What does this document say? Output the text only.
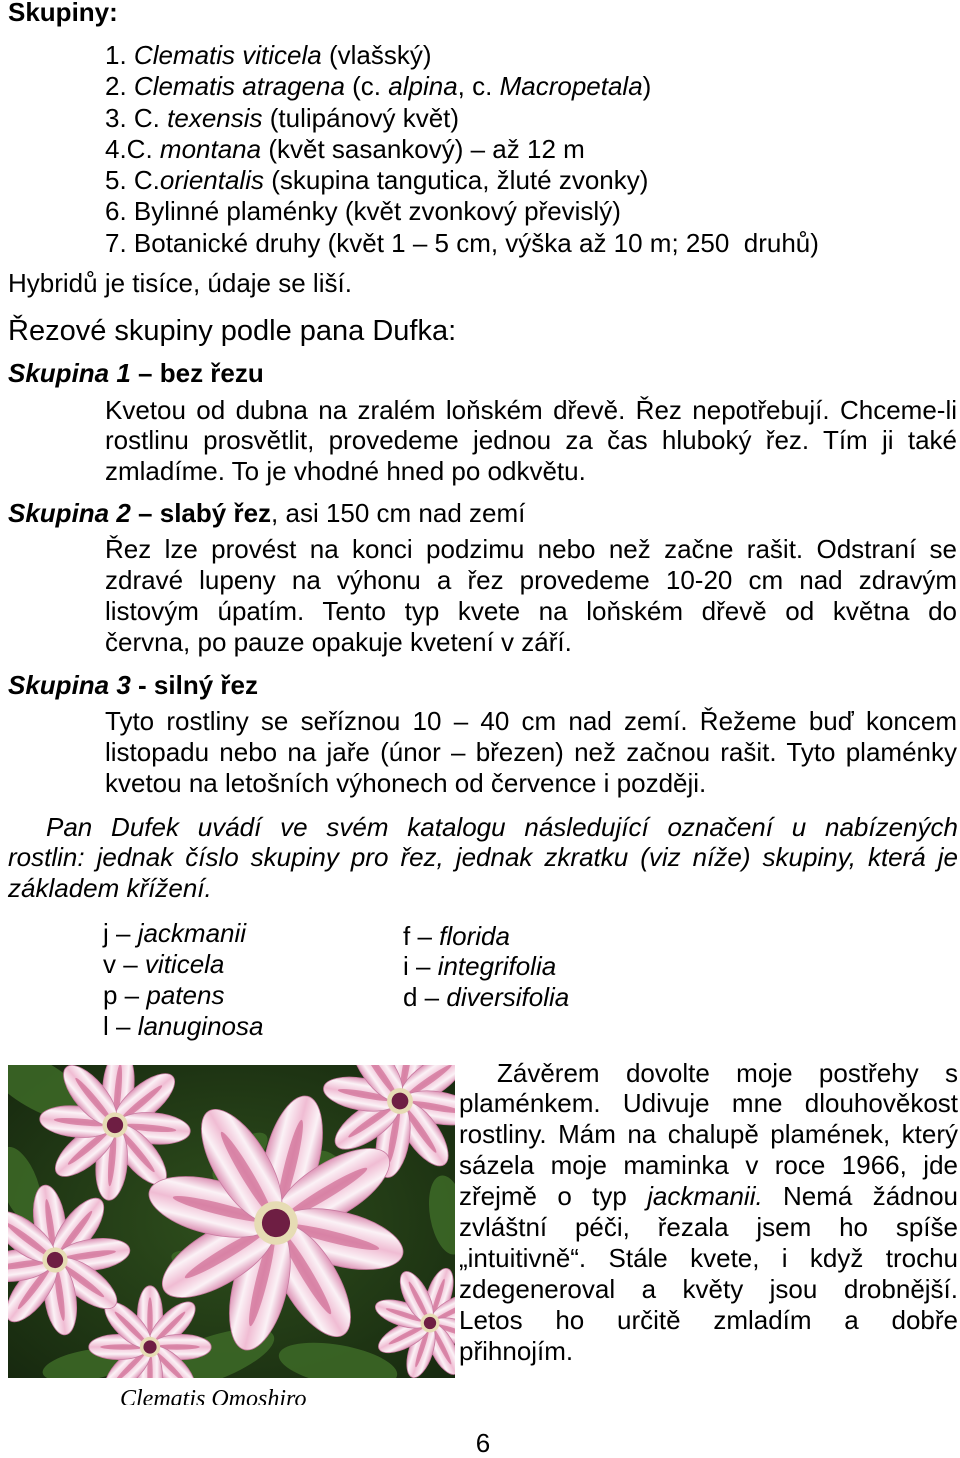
Skupiny:
1. Clematis viticela (vlašský)
2. Clematis atragena (c. alpina, c. Macropetala)
3. C. texensis (tulipánový květ)
4.C. montana (květ sasankový) – až 12 m
5. C.orientalis (skupina tangutica, žluté zvonky)
6. Bylinné plaménky (květ zvonkový převislý)
7. Botanické druhy (květ 1 – 5 cm, výška až 10 m; 250  druhů)
Hybridů je tisíce, údaje se liší.
Řezové skupiny podle pana Dufka:
Skupina 1 – bez řezu
Kvetou od dubna na zralém loňském dřevě. Řez nepotřebují. Chceme-li
rostlinu prosvětlit, provedeme jednou za čas hluboký řez. Tím ji také
zmladíme. To je vhodné hned po odkvětu.
Skupina 2 – slabý řez, asi 150 cm nad zemí
Řez lze provést na konci podzimu nebo než začne rašit. Odstraní se
zdravé lupeny na výhonu a řez provedeme 10-20 cm nad zdravým
listovým úpatím. Tento typ kvete na loňském dřevě od května do
června, po pauze opakuje kvetení v září.
Skupina 3 - silný řez
Tyto rostliny se seříznou 10 – 40 cm nad zemí. Řežeme buď koncem
listopadu nebo na jaře (únor – březen) než začnou rašit. Tyto plaménky
kvetou na letošních výhonech od července i později.
Pan Dufek uvádí ve svém katalogu následující označení u nabízených
rostlin: jednak číslo skupiny pro řez, jednak zkratku (viz níže) skupiny, která je
základem křížení.
j – jackmanii
v – viticela
p – patens
l – lanuginosa
f – florida
i – integrifolia
d – diversifolia
Clematis Omoshiro
Závěrem dovolte moje postřehy s
plaménkem. Udivuje mne dlouhověkost
rostliny. Mám na chalupě plamének, který
sázela moje maminka v roce 1966, jde
zřejmě o typ jackmanii. Nemá žádnou
zvláštní péči, řezala jsem ho spíše
„intuitivně“. Stále kvete, i když trochu
zdegeneroval a květy jsou drobnější.
Letos ho určitě zmladím a dobře
přihnojím.
6
